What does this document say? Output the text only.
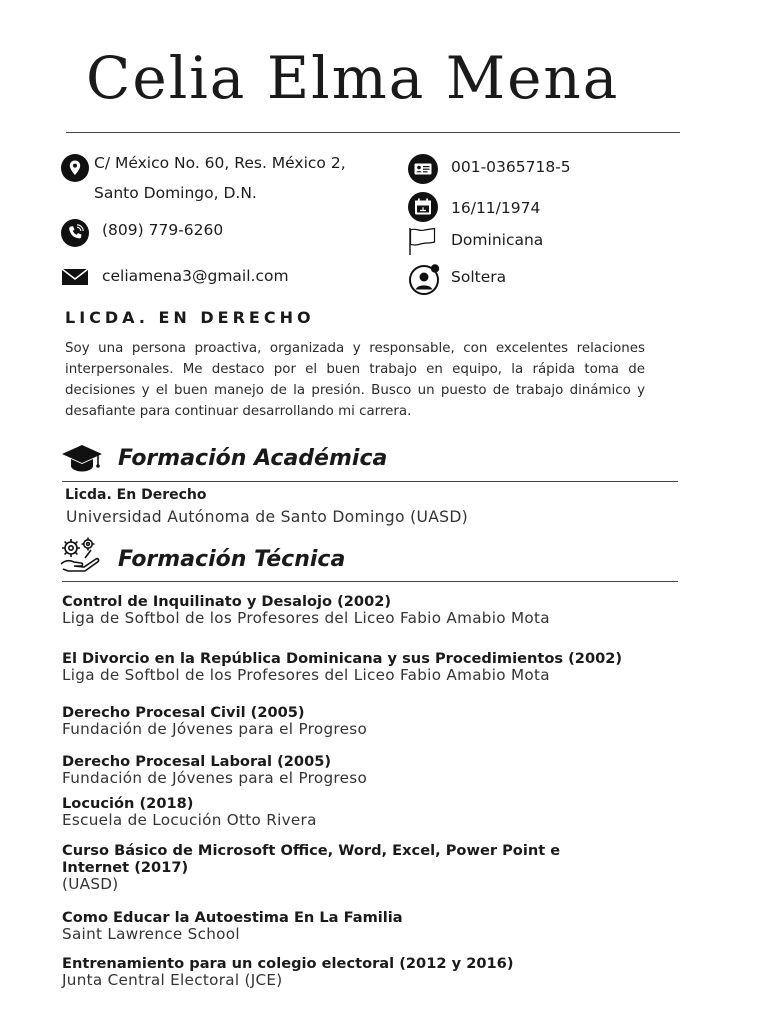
Celia Elma Mena
C/ México No. 60, Res. México 2,
Santo Domingo, D.N.
(809) 779-6260
celiamena3@gmail.com
001-0365718-5
16/11/1974
Dominicana
Soltera
LICDA. EN DERECHO

Soy una persona proactiva, organizada y responsable, con excelentes relaciones interpersonales. Me destaco por el buen trabajo en equipo, la rápida toma de decisiones y el buen manejo de la presión. Busco un puesto de trabajo dinámico y desafiante para continuar desarrollando mi carrera.

Formación Académica
Licda. En Derecho
Universidad Autónoma de Santo Domingo (UASD)
Formación Técnica
Control de Inquilinato y Desalojo (2002)
Liga de Softbol de los Profesores del Liceo Fabio Amabio Mota
El Divorcio en la República Dominicana y sus Procedimientos (2002)
Liga de Softbol de los Profesores del Liceo Fabio Amabio Mota
Derecho Procesal Civil (2005)
Fundación de Jóvenes para el Progreso
Derecho Procesal Laboral (2005)
Fundación de Jóvenes para el Progreso
Locución (2018)
Escuela de Locución Otto Rivera
Curso Básico de Microsoft Office, Word, Excel, Power Point e Internet (2017)
(UASD)
Como Educar la Autoestima En La Familia
Saint Lawrence School
Entrenamiento para un colegio electoral (2012 y 2016)
Junta Central Electoral (JCE)
